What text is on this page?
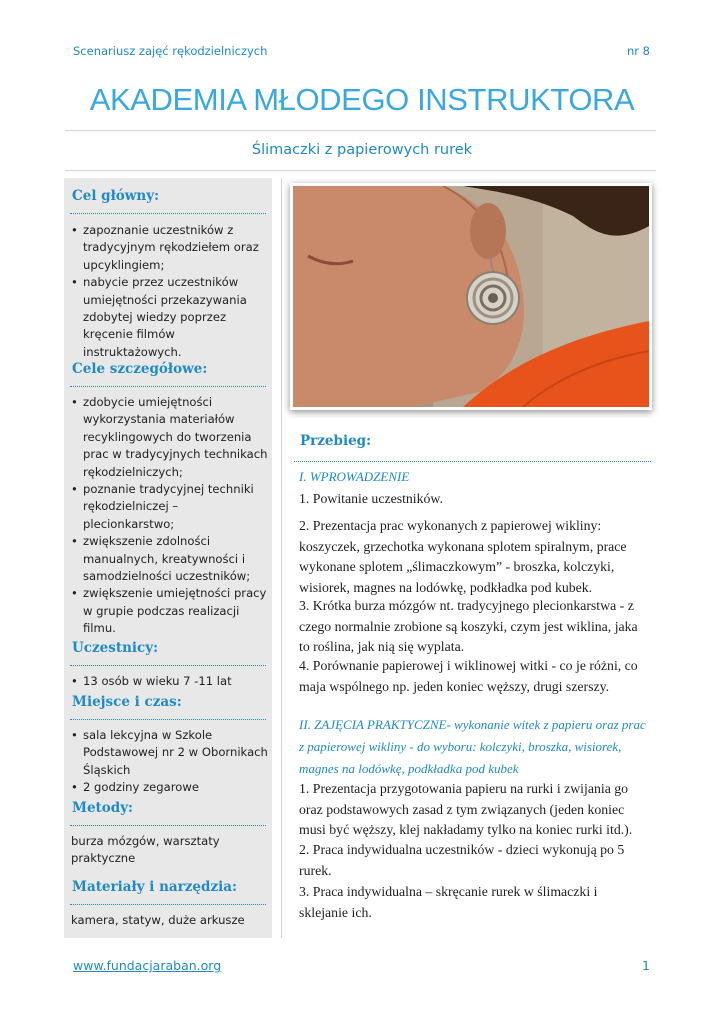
Scenariusz zajęć rękodzielniczych	nr 8
AKADEMIA MŁODEGO INSTRUKTORA
Ślimaczki z papierowych rurek
Cel główny:
• zapoznanie uczestników z tradycyjnym rękodziełem oraz upcyklingiem;
• nabycie przez uczestników umiejętności przekazywania zdobytej wiedzy poprzez kręcenie filmów instruktażowych.
Cele szczegółowe:
• zdobycie umiejętności wykorzystania materiałów recyklingowych do tworzenia prac w tradycyjnych technikach rękodzielniczych;
• poznanie tradycyjnej techniki rękodzielniczej – plecionkarstwo;
• zwiększenie zdolności manualnych, kreatywności i samodzielności uczestników;
• zwiększenie umiejętności pracy w grupie podczas realizacji filmu.
Uczestnicy:
• 13 osób w wieku 7 -11 lat
Miejsce i czas:
• sala lekcyjna w Szkole Podstawowej nr 2 w Obornikach Śląskich
• 2 godziny zegarowe
Metody:
burza mózgów, warsztaty praktyczne
Materiały i narzędzia:
kamera, statyw, duże arkusze
Przebieg:
I. WPROWADZENIE
1. Powitanie uczestników.
2. Prezentacja prac wykonanych z papierowej wikliny: koszyczek, grzechotka wykonana splotem spiralnym, prace wykonane splotem „ślimaczkowym” - broszka, kolczyki, wisiorek, magnes na lodówkę, podkładka pod kubek.
3. Krótka burza mózgów nt. tradycyjnego plecionkarstwa - z czego normalnie zrobione są koszyki, czym jest wiklina, jaka to roślina, jak nią się wyplata.
4. Porównanie papierowej i wiklinowej witki - co je różni, co maja wspólnego np. jeden koniec węższy, drugi szerszy.
II. ZAJĘCIA PRAKTYCZNE- wykonanie witek z papieru oraz prac z papierowej wikliny - do wyboru: kolczyki, broszka, wisiorek, magnes na lodówkę, podkładka pod kubek
1. Prezentacja przygotowania papieru na rurki i zwijania go oraz podstawowych zasad z tym związanych (jeden koniec musi być węższy, klej nakładamy tylko na koniec rurki itd.).
2. Praca indywidualna uczestników - dzieci wykonują po 5 rurek.
3. Praca indywidualna – skręcanie rurek w ślimaczki i sklejanie ich.
www.fundacjaraban.org	1
